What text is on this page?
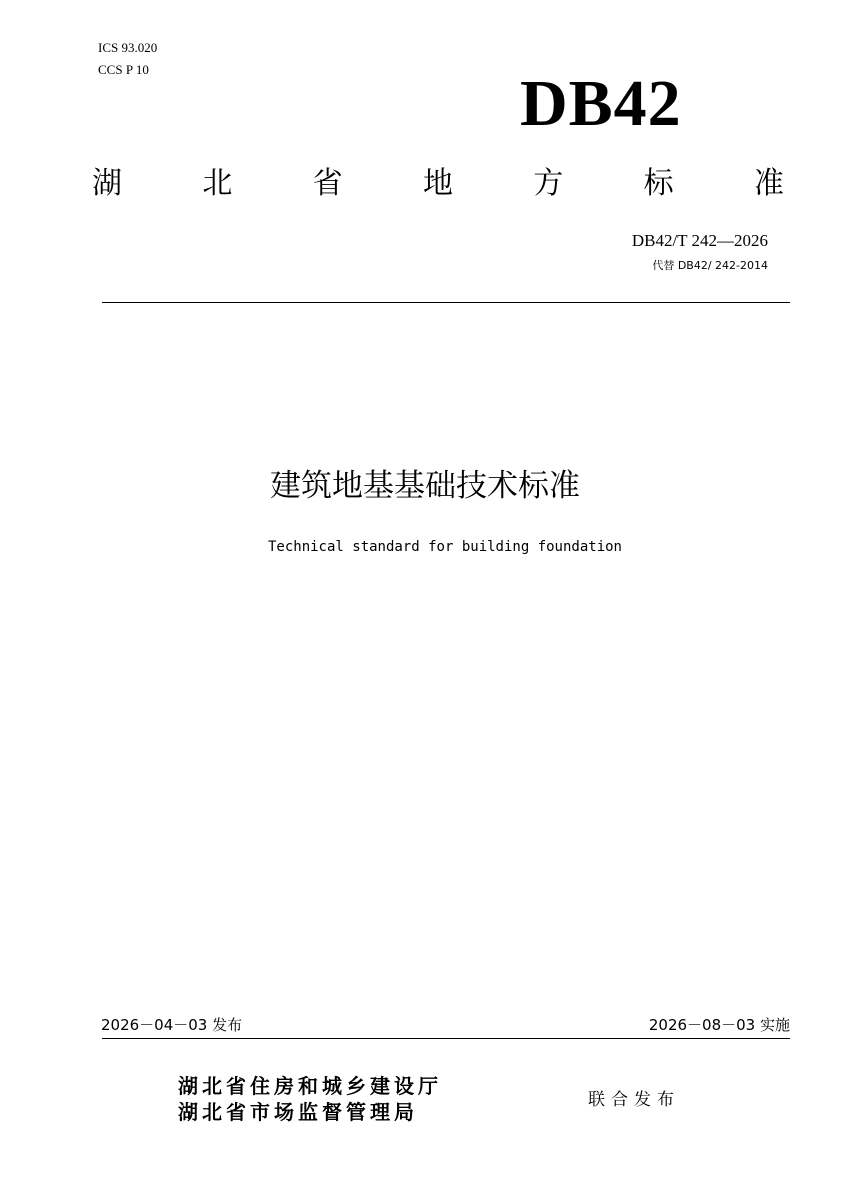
ICS 93.020
CCS P 10	DB42
湖	北	省	地	方	标	准
DB42/T 242—2026
代替 DB42/ 242-2014
建筑地基基础技术标准
Technical standard for building foundation
2026－04－03 发布	2026－08－03 实施
湖北省住房和城乡建设厅
湖北省市场监督管理局	联合发布
